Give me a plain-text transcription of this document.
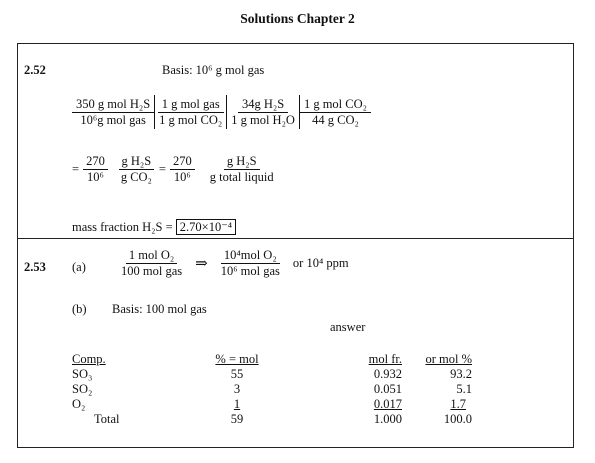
Solutions Chapter 2
2.52	Basis: 10⁶ g mol gas
350 g mol H₂S
10⁶g mol gas
1 g mol gas
1 g mol CO₂
34g H₂S
1 g mol H₂O
1 g mol CO₂
44 g CO₂
= $\frac{270}{\text{10⁶}} \frac{\text{g H₂S}}{\text{g CO₂}} = \frac{270}{\text{10⁶}} \frac{\text{g H₂S}}{\text{g total liquid}}$
mass fraction H₂S = 2.70×10⁻⁴
2.53 (a)	$\frac{\text{1 mol O₂}}{\text{100 mol gas}}$ ⇒ $\frac{\text{10⁴mol O₂}}{\text{10⁶ mol gas}}$ or 10⁴ ppm
(b) Basis: 100 mol gas
answer
Comp.	% = mol	mol fr.	or mol %
SO₃	55	0.932	93.2
SO₂	3	0.051	5.1
O₂	1	0.017	1.7
Total	59	1.000	100.0
